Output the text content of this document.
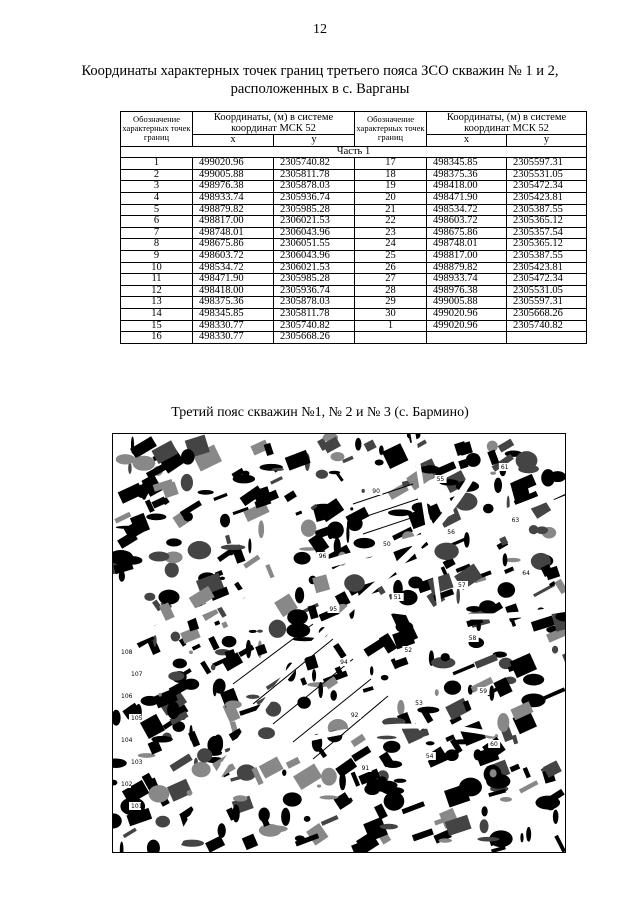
12
Координаты характерных точек границ третьего пояса ЗСО скважин № 1 и 2,
расположенных в с. Варганы
Обозначение характерных точек границ	Координаты, (м) в системе координат МСК 52		Обозначение характерных точек границ	Координаты, (м) в системе координат МСК 52	
	x	y		x	y
Часть 1					
1	499020.96	2305740.82	17	498345.85	2305597.31
2	499005.88	2305811.78	18	498375.36	2305531.05
3	498976.38	2305878.03	19	498418.00	2305472.34
4	498933.74	2305936.74	20	498471.90	2305423.81
5	498879.82	2305985.28	21	498534.72	2305387.55
6	498817.00	2306021.53	22	498603.72	2305365.12
7	498748.01	2306043.96	23	498675.86	2305357.54
8	498675.86	2306051.55	24	498748.01	2305365.12
9	498603.72	2306043.96	25	498817.00	2305387.55
10	498534.72	2306021.53	26	498879.82	2305423.81
11	498471.90	2305985.28	27	498933.74	2305472.34
12	498418.00	2305936.74	28	498976.38	2305531.05
13	498375.36	2305878.03	29	499005.88	2305597.31
14	498345.85	2305811.78	30	499020.96	2305668.26
15	498330.77	2305740.82	1	499020.96	2305740.82
16	498330.77	2305668.26			
Третий пояс скважин №1, № 2 и № 3 (с. Бармино)
108
107
106
105
104
103
102
101
96
95
94
92
91
90
50
51
52
53
54
55
56
57
58
59
60
61
63
64
